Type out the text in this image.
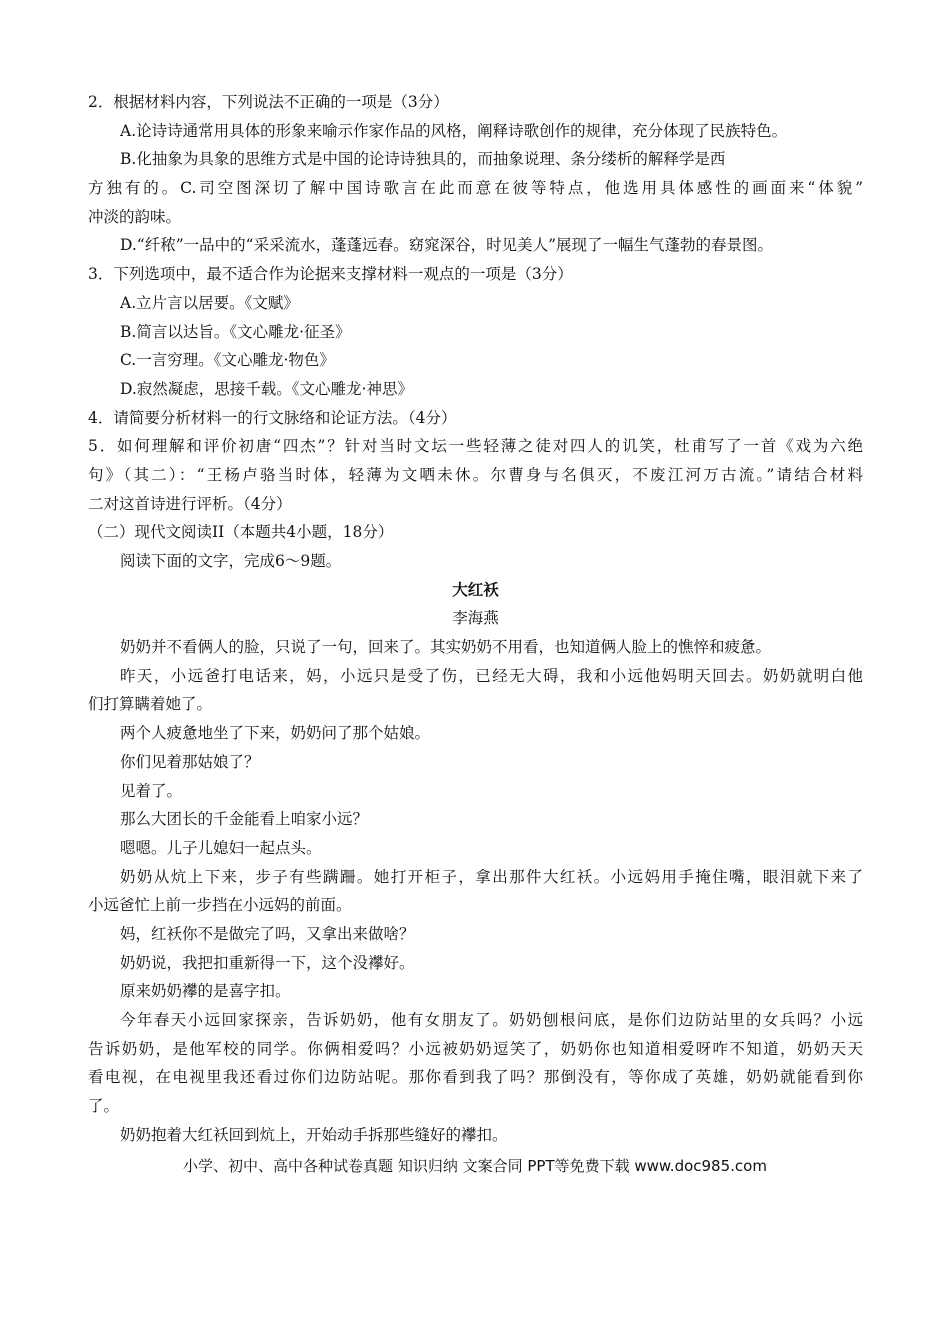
2．根据材料内容，下列说法不正确的一项是（3分）
A.论诗诗通常用具体的形象来喻示作家作品的风格，阐释诗歌创作的规律，充分体现了民族特色。
B.化抽象为具象的思维方式是中国的论诗诗独具的，而抽象说理、条分缕析的解释学是西
方独有的。C.司空图深切了解中国诗歌言在此而意在彼等特点，他选用具体感性的画面来“体貌”
冲淡的韵味。
D.“纤秾”一品中的“采采流水，蓬蓬远春。窈窕深谷，时见美人”展现了一幅生气蓬勃的春景图。
3．下列选项中，最不适合作为论据来支撑材料一观点的一项是（3分）
A.立片言以居要。《文赋》
B.简言以达旨。《文心雕龙·征圣》
C.一言穷理。《文心雕龙·物色》
D.寂然凝虑，思接千载。《文心雕龙·神思》
4．请简要分析材料一的行文脉络和论证方法。（4分）
5．如何理解和评价初唐“四杰”？针对当时文坛一些轻薄之徒对四人的讥笑，杜甫写了一首《戏为六绝
句》（其二）：“王杨卢骆当时体，轻薄为文哂未休。尔曹身与名俱灭，不废江河万古流。”请结合材料
二对这首诗进行评析。（4分）
（二）现代文阅读II（本题共4小题，18分）
阅读下面的文字，完成6～9题。
大红袄
李海燕
奶奶并不看俩人的脸，只说了一句，回来了。其实奶奶不用看，也知道俩人脸上的憔悴和疲惫。
昨天，小远爸打电话来，妈，小远只是受了伤，已经无大碍，我和小远他妈明天回去。奶奶就明白他
们打算瞒着她了。
两个人疲惫地坐了下来，奶奶问了那个姑娘。
你们见着那姑娘了？
见着了。
那么大团长的千金能看上咱家小远？
嗯嗯。儿子儿媳妇一起点头。
奶奶从炕上下来，步子有些蹒跚。她打开柜子，拿出那件大红袄。小远妈用手掩住嘴，眼泪就下来了
小远爸忙上前一步挡在小远妈的前面。
妈，红袄你不是做完了吗，又拿出来做啥？
奶奶说，我把扣重新得一下，这个没襻好。
原来奶奶襻的是喜字扣。
今年春天小远回家探亲，告诉奶奶，他有女朋友了。奶奶刨根问底，是你们边防站里的女兵吗？小远
告诉奶奶，是他军校的同学。你俩相爱吗？小远被奶奶逗笑了，奶奶你也知道相爱呀咋不知道，奶奶天天
看电视，在电视里我还看过你们边防站呢。那你看到我了吗？那倒没有，等你成了英雄，奶奶就能看到你
了。
奶奶抱着大红袄回到炕上，开始动手拆那些缝好的襻扣。
小学、初中、高中各种试卷真题 知识归纳 文案合同 PPT等免费下载 www.doc985.com
